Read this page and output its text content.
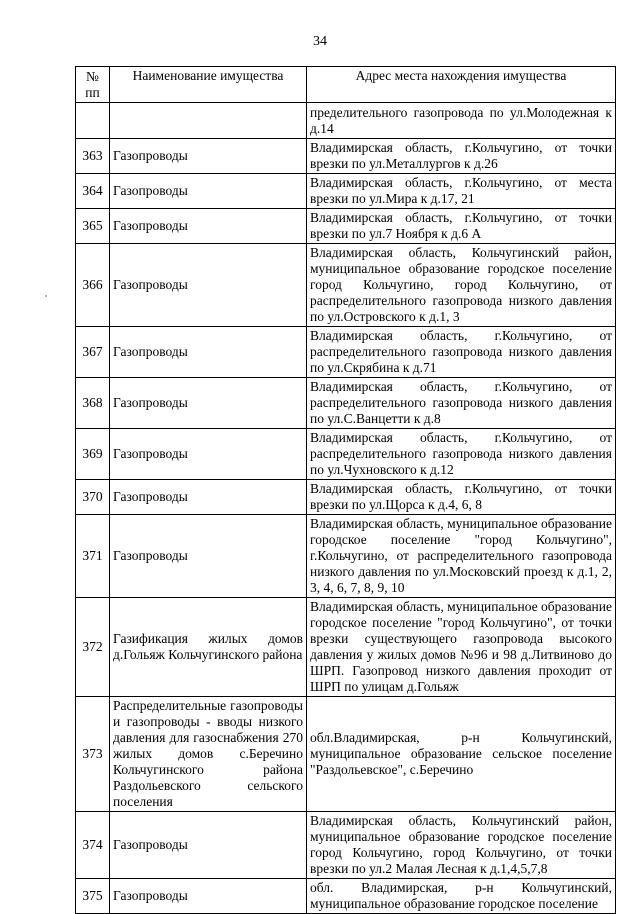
34
№ пп	Наименование имущества	Адрес места нахождения имущества
		пределительного газопровода по ул.Молодежная к д.14
363	Газопроводы	Владимирская область, г.Кольчугино, от точки врезки по ул.Металлургов к д.26
364	Газопроводы	Владимирская область, г.Кольчугино, от места врезки по ул.Мира к д.17, 21
365	Газопроводы	Владимирская область, г.Кольчугино, от точки врезки по ул.7 Ноября к д.6 А
366	Газопроводы	Владимирская область, Кольчугинский район, муниципальное образование городское поселение город Кольчугино, город Кольчугино, от распределительного газопровода низкого давления по ул.Островского к д.1, 3
367	Газопроводы	Владимирская область, г.Кольчугино, от распределительного газопровода низкого давления по ул.Скрябина к д.71
368	Газопроводы	Владимирская область, г.Кольчугино, от распределительного газопровода низкого давления по ул.С.Ванцетти к д.8
369	Газопроводы	Владимирская область, г.Кольчугино, от распределительного газопровода низкого давления по ул.Чухновского к д.12
370	Газопроводы	Владимирская область, г.Кольчугино, от точки врезки по ул.Щорса к д.4, 6, 8
371	Газопроводы	Владимирская область, муниципальное образование городское поселение "город Кольчугино", г.Кольчугино, от распределительного газопровода низкого давления по ул.Московский проезд к д.1, 2, 3, 4, 6, 7, 8, 9, 10
372	Газификация жилых домов д.Гольяж Кольчугинского района	Владимирская область, муниципальное образование городское поселение "город Кольчугино", от точки врезки существующего газопровода высокого давления у жилых домов №96 и 98 д.Литвиново до ШРП. Газопровод низкого давления проходит от ШРП по улицам д.Гольяж
373	Распределительные газопроводы и газопроводы - вводы низкого давления для газоснабжения 270 жилых домов с.Беречино Кольчугинского района Раздольевского сельского поселения	обл.Владимирская, р-н Кольчугинский, муниципальное образование сельское поселение "Раздольевское", с.Беречино
374	Газопроводы	Владимирская область, Кольчугинский район, муниципальное образование городское поселение город Кольчугино, город Кольчугино, от точки врезки по ул.2 Малая Лесная к д.1,4,5,7,8
375	Газопроводы	обл. Владимирская, р-н Кольчугинский, муниципальное образование городское поселение
